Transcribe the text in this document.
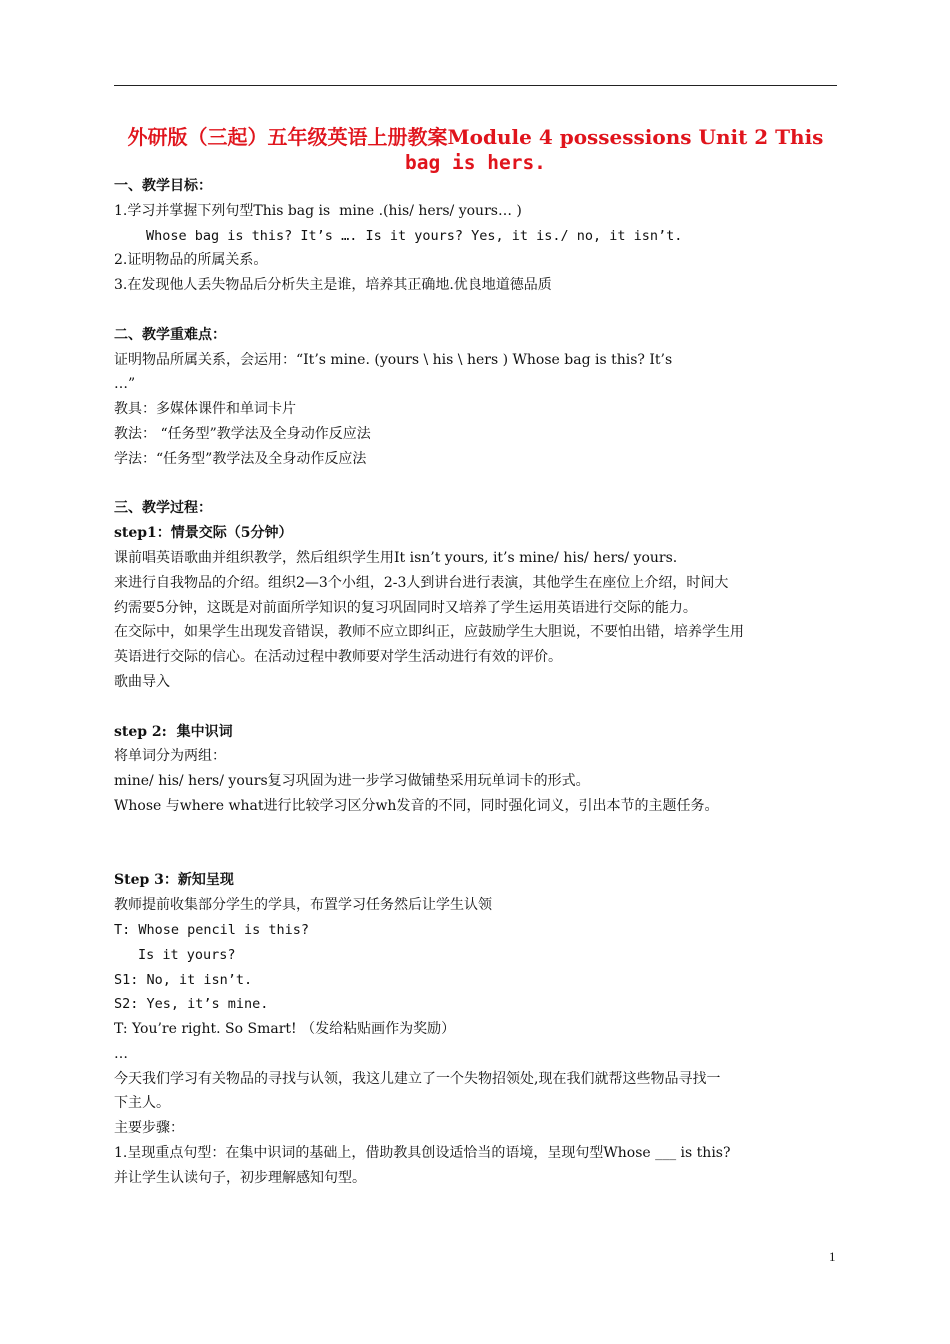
外研版（三起）五年级英语上册教案Module 4 possessions Unit 2 This
bag is hers.

一、教学目标：

1.学习并掌握下列句型This bag is  mine .(his/ hers/ yours… )

Whose bag is this? It’s …. Is it yours? Yes, it is./ no, it isn’t.

2.证明物品的所属关系。

3.在发现他人丢失物品后分析失主是谁，培养其正确地.优良地道德品质

二、教学重难点：

证明物品所属关系，会运用：“It’s mine. (yours \ his \ hers ) Whose bag is this? It’s

…”

教具：多媒体课件和单词卡片

教法： “任务型”教学法及全身动作反应法

学法：“任务型”教学法及全身动作反应法

三、教学过程：

step1：情景交际（5分钟）

课前唱英语歌曲并组织教学，然后组织学生用It isn’t yours, it’s mine/ his/ hers/ yours.

来进行自我物品的介绍。组织2—3个小组，2-3人到讲台进行表演，其他学生在座位上介绍，时间大

约需要5分钟，这既是对前面所学知识的复习巩固同时又培养了学生运用英语进行交际的能力。

在交际中，如果学生出现发音错误，教师不应立即纠正，应鼓励学生大胆说，不要怕出错，培养学生用

英语进行交际的信心。在活动过程中教师要对学生活动进行有效的评价。

歌曲导入

step 2:  集中识词

将单词分为两组：

mine/ his/ hers/ yours复习巩固为进一步学习做铺垫采用玩单词卡的形式。

Whose 与where what进行比较学习区分wh发音的不同，同时强化词义，引出本节的主题任务。

Step 3：新知呈现

教师提前收集部分学生的学具，布置学习任务然后让学生认领

T: Whose pencil is this?

Is it yours?

S1: No, it isn’t.

S2: Yes, it’s mine.

T: You’re right. So Smart! （发给粘贴画作为奖励）

…

今天我们学习有关物品的寻找与认领，我这儿建立了一个失物招领处,现在我们就帮这些物品寻找一

下主人。

主要步骤：

1.呈现重点句型：在集中识词的基础上，借助教具创设适恰当的语境，呈现句型Whose ___ is this?

并让学生认读句子，初步理解感知句型。

1
